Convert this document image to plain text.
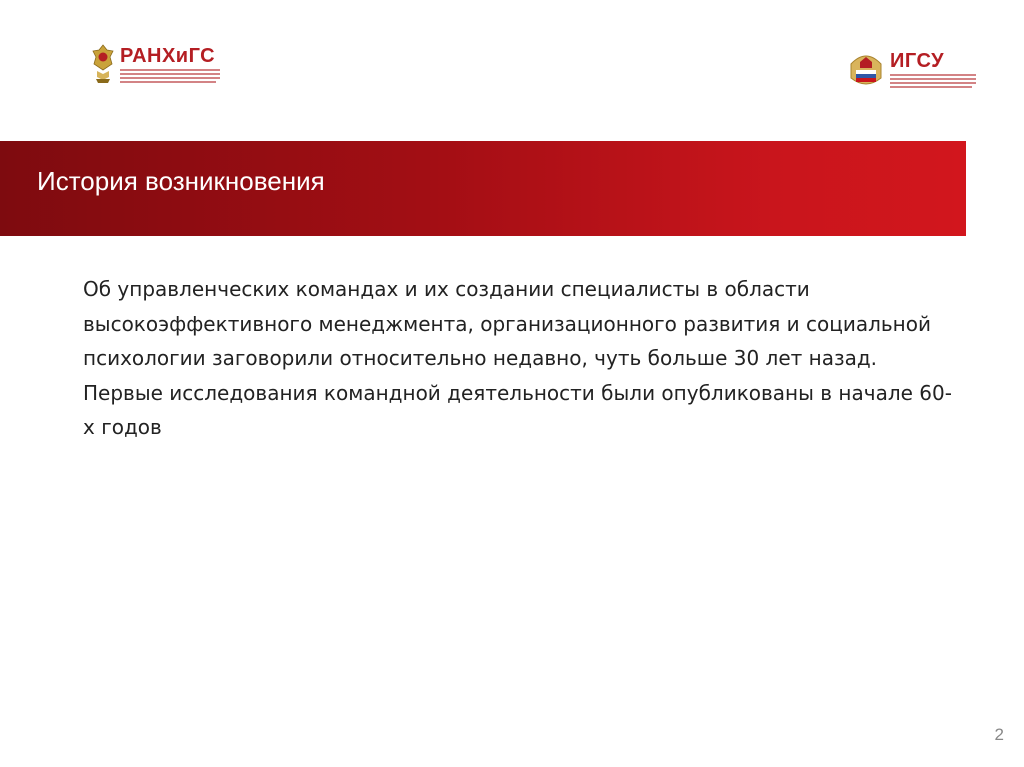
РАНХиГС	ИГСУ
История возникновения
Об управленческих командах и их создании специалисты в области высокоэффективного менеджмента, организационного развития и социальной психологии заговорили относительно недавно, чуть больше 30 лет назад. Первые исследования командной деятельности были опубликованы в начале 60-х годов
2
